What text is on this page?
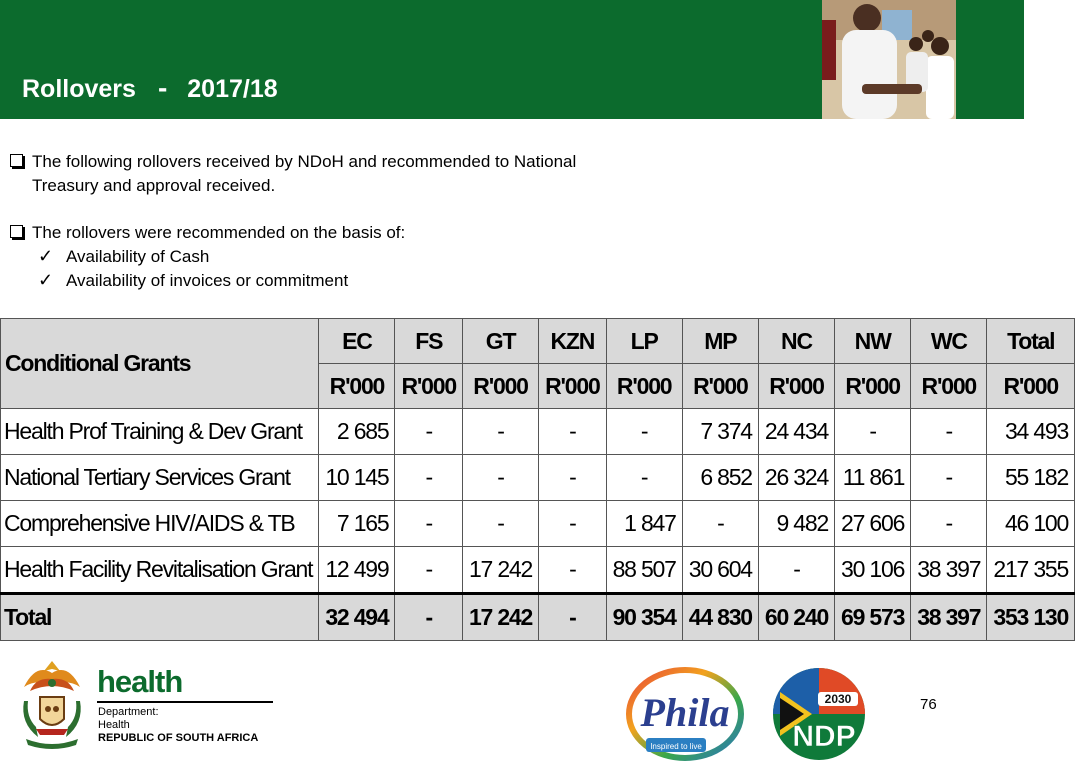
Rollovers - 2017/18
The following rollovers received by NDoH and recommended to National
Treasury and approval received.
The rollovers were recommended on the basis of:
✓ Availability of Cash
✓ Availability of invoices or commitment
Conditional Grants	EC	FS	GT	KZN	LP	MP	NC	NW	WC	Total
	R'000	R'000	R'000	R'000	R'000	R'000	R'000	R'000	R'000	R'000
Health Prof Training & Dev Grant	2 685	-	-	-	-	7 374	24 434	-	-	34 493
National Tertiary Services Grant	10 145	-	-	-	-	6 852	26 324	11 861	-	55 182
Comprehensive HIV/AIDS & TB	7 165	-	-	-	1 847	-	9 482	27 606	-	46 100
Health Facility Revitalisation Grant	12 499	-	17 242	-	88 507	30 604	-	30 106	38 397	217 355
Total	32 494	-	17 242	-	90 354	44 830	60 240	69 573	38 397	353 130
health
Department:
Health
REPUBLIC OF SOUTH AFRICA
Phila
Inspired to live
2030
NDP
76
